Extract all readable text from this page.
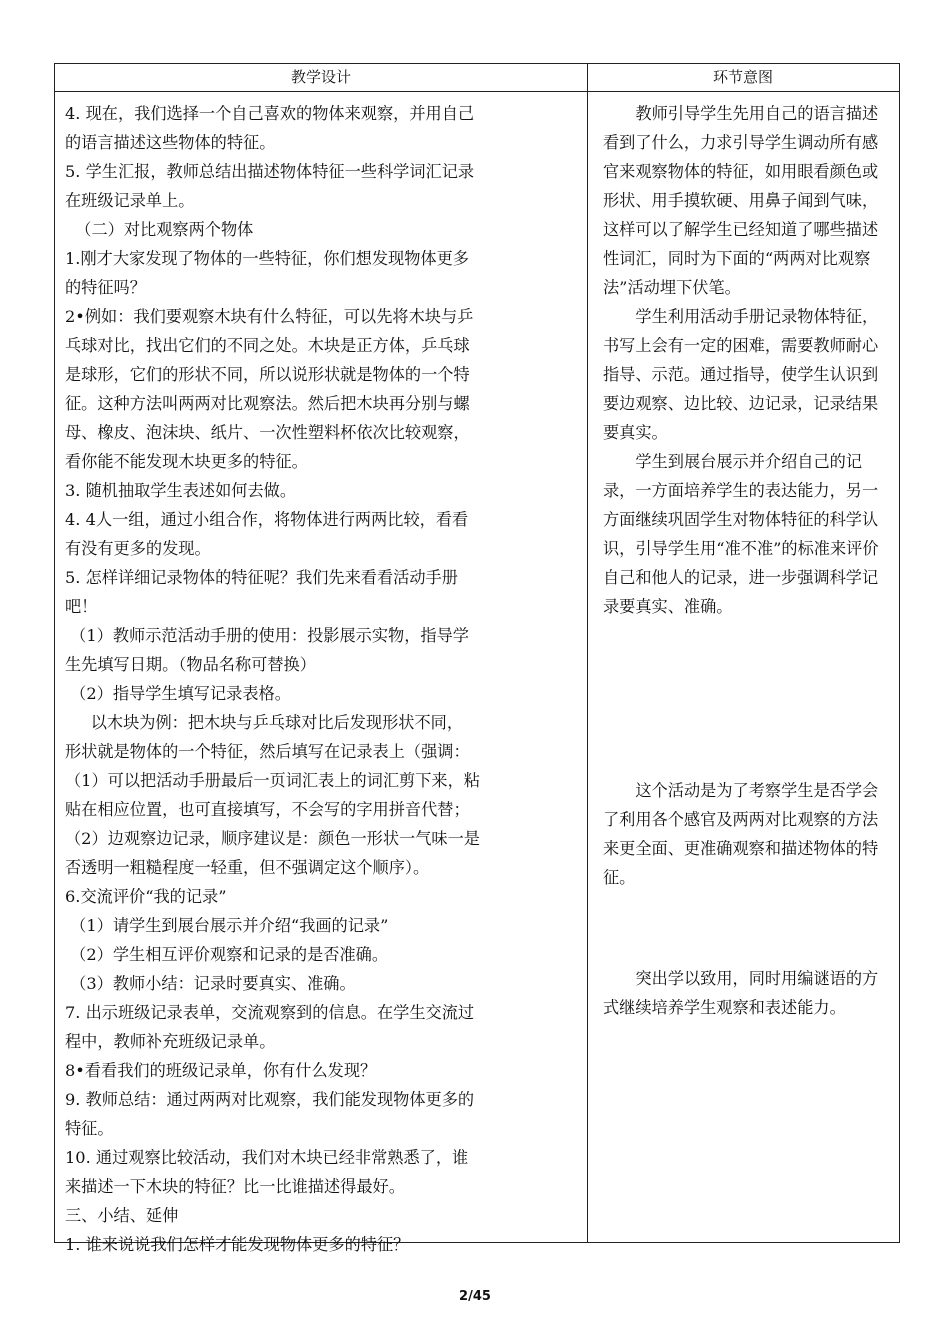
教学设计	环节意图

4. 现在，我们选择一个自己喜欢的物体来观察，并用自己

的语言描述这些物体的特征。

5. 学生汇报，教师总结出描述物体特征一些科学词汇记录

在班级记录单上。

（二）对比观察两个物体

1.刚才大家发现了物体的一些特征，你们想发现物体更多

的特征吗？

2•例如：我们要观察木块有什么特征，可以先将木块与乒

乓球对比，找出它们的不同之处。木块是正方体，乒乓球

是球形，它们的形状不同，所以说形状就是物体的一个特

征。这种方法叫两两对比观察法。然后把木块再分别与螺

母、橡皮、泡沫块、纸片、一次性塑料杯依次比较观察，

看你能不能发现木块更多的特征。

3. 随机抽取学生表述如何去做。

4. 4人一组，通过小组合作，将物体进行两两比较，看看

有没有更多的发现。

5. 怎样详细记录物体的特征呢？我们先来看看活动手册

吧！

（1）教师示范活动手册的使用：投影展示实物，指导学

生先填写日期。（物品名称可替换）

（2）指导学生填写记录表格。

以木块为例：把木块与乒乓球对比后发现形状不同，

形状就是物体的一个特征，然后填写在记录表上（强调：

（1）可以把活动手册最后一页词汇表上的词汇剪下来，粘

贴在相应位置，也可直接填写，不会写的字用拼音代替；

（2）边观察边记录，顺序建议是：颜色一形状一气味一是

否透明一粗糙程度一轻重，但不强调定这个顺序）。

6.交流评价“我的记录”

（1）请学生到展台展示并介绍“我画的记录”

（2）学生相互评价观察和记录的是否准确。

（3）教师小结：记录时要真实、准确。

7. 出示班级记录表单，交流观察到的信息。在学生交流过

程中，教师补充班级记录单。

8•看看我们的班级记录单，你有什么发现？

9. 教师总结：通过两两对比观察，我们能发现物体更多的

特征。

10. 通过观察比较活动，我们对木块已经非常熟悉了，谁

来描述一下木块的特征？比一比谁描述得最好。

三、小结、延伸

1. 谁来说说我们怎样才能发现物体更多的特征？

教师引导学生先用自己的语言描述看到了什么，力求引导学生调动所有感官来观察物体的特征，如用眼看颜色或形状、用手摸软硬、用鼻子闻到气味，这样可以了解学生已经知道了哪些描述性词汇，同时为下面的“两两对比观察法”活动埋下伏笔。

学生利用活动手册记录物体特征，书写上会有一定的困难，需要教师耐心指导、示范。通过指导，使学生认识到要边观察、边比较、边记录，记录结果要真实。

学生到展台展示并介绍自己的记录，一方面培养学生的表达能力，另一方面继续巩固学生对物体特征的科学认识，引导学生用“准不准”的标准来评价自己和他人的记录，进一步强调科学记录要真实、准确。

这个活动是为了考察学生是否学会了利用各个感官及两两对比观察的方法来更全面、更准确观察和描述物体的特征。

突出学以致用，同时用编谜语的方式继续培养学生观察和表述能力。

2/45
